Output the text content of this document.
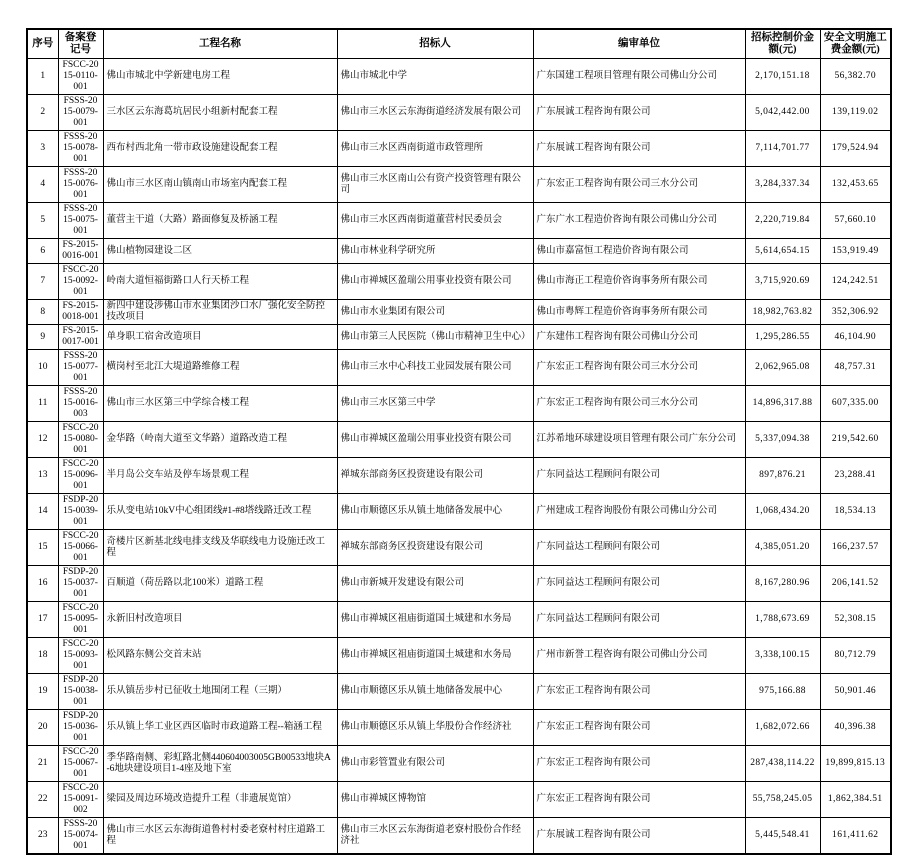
序号	备案登记号	工程名称	招标人	编审单位	招标控制价金额(元)	安全文明施工费金额(元)
1	FSCC-2015-0110-001	佛山市城北中学新建电房工程	佛山市城北中学	广东国建工程项目管理有限公司佛山分公司	2,170,151.18	56,382.70
2	FSSS-2015-0079-001	三水区云东海葛坑居民小组新村配套工程	佛山市三水区云东海街道经济发展有限公司	广东展诚工程咨询有限公司	5,042,442.00	139,119.02
3	FSSS-2015-0078-001	西布村西北角一带市政设施建设配套工程	佛山市三水区西南街道市政管理所	广东展诚工程咨询有限公司	7,114,701.77	179,524.94
4	FSSS-2015-0076-001	佛山市三水区南山镇南山市场室内配套工程	佛山市三水区南山公有资产投资管理有限公司	广东宏正工程咨询有限公司三水分公司	3,284,337.34	132,453.65
5	FSSS-2015-0075-001	董营主干道（大路）路面修复及桥涵工程	佛山市三水区西南街道董营村民委员会	广东广水工程造价咨询有限公司佛山分公司	2,220,719.84	57,660.10
6	FS-2015-0016-001	佛山植物园建设二区	佛山市林业科学研究所	佛山市嘉富恒工程造价咨询有限公司	5,614,654.15	153,919.49
7	FSCC-2015-0092-001	岭南大道恒福街路口人行天桥工程	佛山市禅城区盈瑞公用事业投资有限公司	佛山市海正工程造价咨询事务所有限公司	3,715,920.69	124,242.51
8	FS-2015-0018-001	新四中建设涉佛山市水业集团沙口水厂强化安全防控技改项目	佛山市水业集团有限公司	佛山市粤辉工程造价咨询事务所有限公司	18,982,763.82	352,306.92
9	FS-2015-0017-001	单身职工宿舍改造项目	佛山市第三人民医院（佛山市精神卫生中心）	广东建伟工程咨询有限公司佛山分公司	1,295,286.55	46,104.90
10	FSSS-2015-0077-001	横岗村至北江大堤道路维修工程	佛山市三水中心科技工业园发展有限公司	广东宏正工程咨询有限公司三水分公司	2,062,965.08	48,757.31
11	FSSS-2015-0016-003	佛山市三水区第三中学综合楼工程	佛山市三水区第三中学	广东宏正工程咨询有限公司三水分公司	14,896,317.88	607,335.00
12	FSCC-2015-0080-001	金华路（岭南大道至文华路）道路改造工程	佛山市禅城区盈瑞公用事业投资有限公司	江苏希地环球建设项目管理有限公司广东分公司	5,337,094.38	219,542.60
13	FSCC-2015-0096-001	半月岛公交车站及停车场景观工程	禅城东部商务区投资建设有限公司	广东同益达工程顾问有限公司	897,876.21	23,288.41
14	FSDP-2015-0039-001	乐从变电站10kV中心组团线#1-#8塔线路迁改工程	佛山市顺德区乐从镇土地储备发展中心	广州建成工程咨询股份有限公司佛山分公司	1,068,434.20	18,534.13
15	FSCC-2015-0066-001	奇楼片区新基北线电排支线及华联线电力设施迁改工程	禅城东部商务区投资建设有限公司	广东同益达工程顾问有限公司	4,385,051.20	166,237.57
16	FSDP-2015-0037-001	百顺道（荷岳路以北100米）道路工程	佛山市新城开发建设有限公司	广东同益达工程顾问有限公司	8,167,280.96	206,141.52
17	FSCC-2015-0095-001	永新旧村改造项目	佛山市禅城区祖庙街道国土城建和水务局	广东同益达工程顾问有限公司	1,788,673.69	52,308.15
18	FSCC-2015-0093-001	松风路东侧公交首末站	佛山市禅城区祖庙街道国土城建和水务局	广州市新誉工程咨询有限公司佛山分公司	3,338,100.15	80,712.79
19	FSDP-2015-0038-001	乐从镇岳步村已征收土地围闭工程（三期）	佛山市顺德区乐从镇土地储备发展中心	广东宏正工程咨询有限公司	975,166.88	50,901.46
20	FSDP-2015-0036-001	乐从镇上华工业区西区临时市政道路工程--箱涵工程	佛山市顺德区乐从镇上华股份合作经济社	广东宏正工程咨询有限公司	1,682,072.66	40,396.38
21	FSCC-2015-0067-001	季华路南侧、彩虹路北侧440604003005GB00533地块A-6地块建设项目1-4座及地下室	佛山市彩管置业有限公司	广东宏正工程咨询有限公司	287,438,114.22	19,899,815.13
22	FSCC-2015-0091-002	梁园及周边环境改造提升工程（非遗展览馆）	佛山市禅城区博物馆	广东宏正工程咨询有限公司	55,758,245.05	1,862,384.51
23	FSSS-2015-0074-001	佛山市三水区云东海街道鲁村村委老寮村村庄道路工程	佛山市三水区云东海街道老寮村股份合作经济社	广东展诚工程咨询有限公司	5,445,548.41	161,411.62
